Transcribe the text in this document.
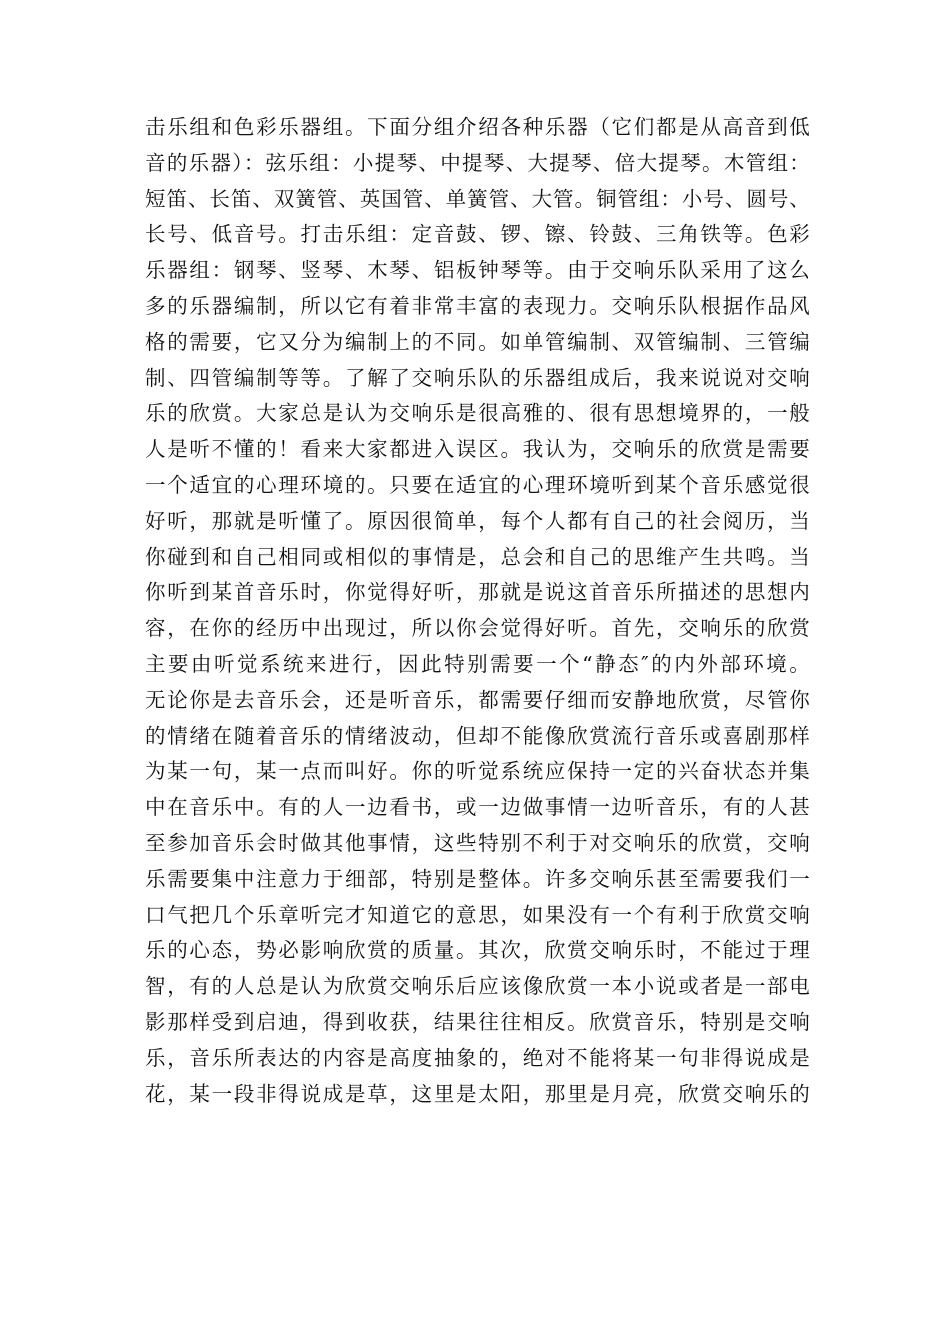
击乐组和色彩乐器组。下面分组介绍各种乐器（它们都是从高音到低
音的乐器）：弦乐组：小提琴、中提琴、大提琴、倍大提琴。木管组：
短笛、长笛、双簧管、英国管、单簧管、大管。铜管组：小号、圆号、
长号、低音号。打击乐组：定音鼓、锣、镲、铃鼓、三角铁等。色彩
乐器组：钢琴、竖琴、木琴、铝板钟琴等。由于交响乐队采用了这么
多的乐器编制，所以它有着非常丰富的表现力。交响乐队根据作品风
格的需要，它又分为编制上的不同。如单管编制、双管编制、三管编
制、四管编制等等。了解了交响乐队的乐器组成后，我来说说对交响
乐的欣赏。大家总是认为交响乐是很高雅的、很有思想境界的，一般
人是听不懂的！看来大家都进入误区。我认为，交响乐的欣赏是需要
一个适宜的心理环境的。只要在适宜的心理环境听到某个音乐感觉很
好听，那就是听懂了。原因很简单，每个人都有自己的社会阅历，当
你碰到和自己相同或相似的事情是，总会和自己的思维产生共鸣。当
你听到某首音乐时，你觉得好听，那就是说这首音乐所描述的思想内
容，在你的经历中出现过，所以你会觉得好听。首先，交响乐的欣赏
主要由听觉系统来进行，因此特别需要一个“静态″的内外部环境。
无论你是去音乐会，还是听音乐，都需要仔细而安静地欣赏，尽管你
的情绪在随着音乐的情绪波动，但却不能像欣赏流行音乐或喜剧那样
为某一句，某一点而叫好。你的听觉系统应保持一定的兴奋状态并集
中在音乐中。有的人一边看书，或一边做事情一边听音乐，有的人甚
至参加音乐会时做其他事情，这些特别不利于对交响乐的欣赏，交响
乐需要集中注意力于细部，特别是整体。许多交响乐甚至需要我们一
口气把几个乐章听完才知道它的意思，如果没有一个有利于欣赏交响
乐的心态，势必影响欣赏的质量。其次，欣赏交响乐时，不能过于理
智，有的人总是认为欣赏交响乐后应该像欣赏一本小说或者是一部电
影那样受到启迪，得到收获，结果往往相反。欣赏音乐，特别是交响
乐，音乐所表达的内容是高度抽象的，绝对不能将某一句非得说成是
花，某一段非得说成是草，这里是太阳，那里是月亮，欣赏交响乐的
